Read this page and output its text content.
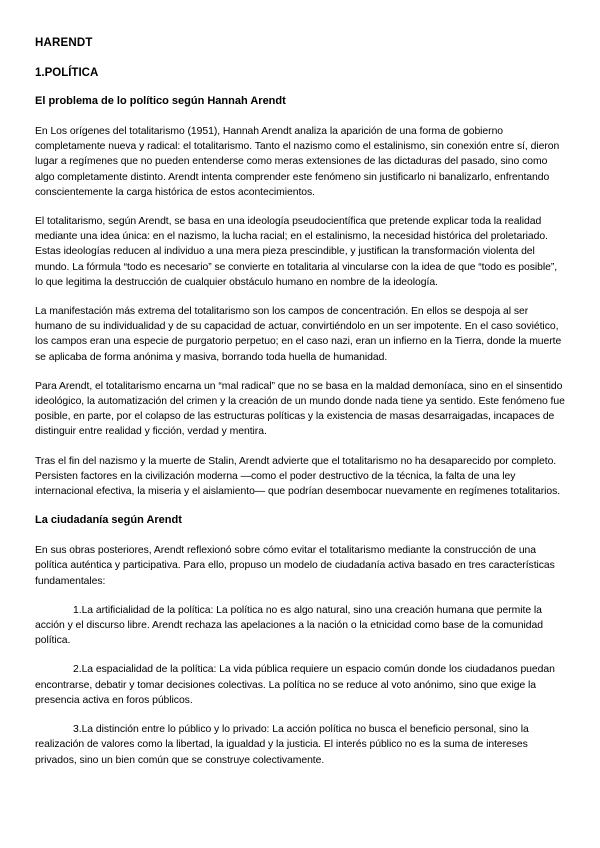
HARENDT
1.POLÍTICA
El problema de lo político según Hannah Arendt

En Los orígenes del totalitarismo (1951), Hannah Arendt analiza la aparición de una forma de gobierno completamente nueva y radical: el totalitarismo. Tanto el nazismo como el estalinismo, sin conexión entre sí, dieron lugar a regímenes que no pueden entenderse como meras extensiones de las dictaduras del pasado, sino como algo completamente distinto. Arendt intenta comprender este fenómeno sin justificarlo ni banalizarlo, enfrentando conscientemente la carga histórica de estos acontecimientos.

El totalitarismo, según Arendt, se basa en una ideología pseudocientífica que pretende explicar toda la realidad mediante una idea única: en el nazismo, la lucha racial; en el estalinismo, la necesidad histórica del proletariado. Estas ideologías reducen al individuo a una mera pieza prescindible, y justifican la transformación violenta del mundo. La fórmula “todo es necesario” se convierte en totalitaria al vincularse con la idea de que “todo es posible”, lo que legitima la destrucción de cualquier obstáculo humano en nombre de la ideología.

La manifestación más extrema del totalitarismo son los campos de concentración. En ellos se despoja al ser humano de su individualidad y de su capacidad de actuar, convirtiéndolo en un ser impotente. En el caso soviético, los campos eran una especie de purgatorio perpetuo; en el caso nazi, eran un infierno en la Tierra, donde la muerte se aplicaba de forma anónima y masiva, borrando toda huella de humanidad.

Para Arendt, el totalitarismo encarna un “mal radical” que no se basa en la maldad demoníaca, sino en el sinsentido ideológico, la automatización del crimen y la creación de un mundo donde nada tiene ya sentido. Este fenómeno fue posible, en parte, por el colapso de las estructuras políticas y la existencia de masas desarraigadas, incapaces de distinguir entre realidad y ficción, verdad y mentira.

Tras el fin del nazismo y la muerte de Stalin, Arendt advierte que el totalitarismo no ha desaparecido por completo. Persisten factores en la civilización moderna —como el poder destructivo de la técnica, la falta de una ley internacional efectiva, la miseria y el aislamiento— que podrían desembocar nuevamente en regímenes totalitarios.

La ciudadanía según Arendt

En sus obras posteriores, Arendt reflexionó sobre cómo evitar el totalitarismo mediante la construcción de una política auténtica y participativa. Para ello, propuso un modelo de ciudadanía activa basado en tres características fundamentales:

1.La artificialidad de la política: La política no es algo natural, sino una creación humana que permite la acción y el discurso libre. Arendt rechaza las apelaciones a la nación o la etnicidad como base de la comunidad política.

2.La espacialidad de la política: La vida pública requiere un espacio común donde los ciudadanos puedan encontrarse, debatir y tomar decisiones colectivas. La política no se reduce al voto anónimo, sino que exige la presencia activa en foros públicos.

3.La distinción entre lo público y lo privado: La acción política no busca el beneficio personal, sino la realización de valores como la libertad, la igualdad y la justicia. El interés público no es la suma de intereses privados, sino un bien común que se construye colectivamente.
